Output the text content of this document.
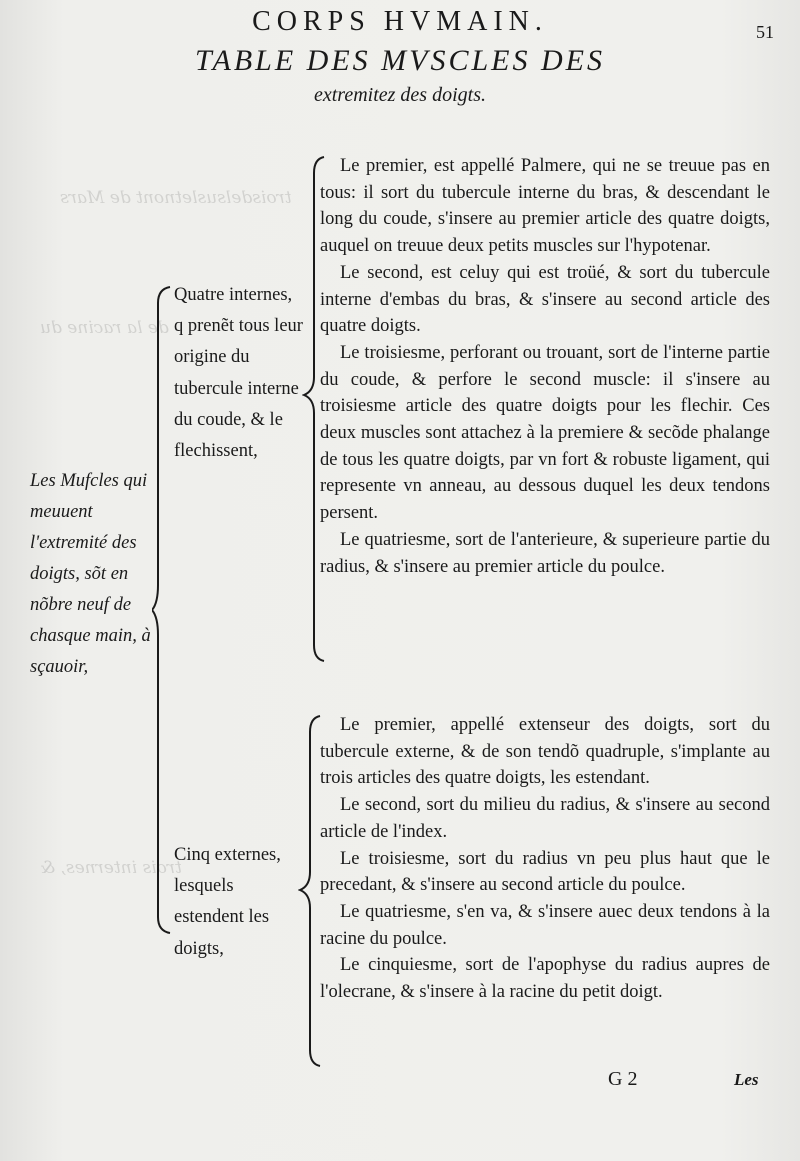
troisdelsusletnont de Mars
de la racine du
trois internes, &
CORPS HVMAIN.	51
TABLE DES MVSCLES DES
extremitez des doigts.
Les Mufcles qui meuuent l'extremité des doigts, sõt en nõbre neuf de chasque main, à sçauoir,
Quatre internes, q prenẽt tous leur origine du tubercule interne du coude, & le flechissent,
Cinq externes, lesquels estendent les doigts,

Le premier, est appellé Palmere, qui ne se treuue pas en tous: il sort du tubercule interne du bras, & descendant le long du coude, s'insere au premier article des quatre doigts, auquel on treuue deux petits muscles sur l'hypotenar.

Le second, est celuy qui est troüé, & sort du tubercule interne d'embas du bras, & s'insere au second article des quatre doigts.

Le troisiesme, perforant ou trouant, sort de l'interne partie du coude, & perfore le second muscle: il s'insere au troisiesme article des quatre doigts pour les flechir. Ces deux muscles sont attachez à la premiere & secõde phalange de tous les quatre doigts, par vn fort & robuste ligament, qui represente vn anneau, au dessous duquel les deux tendons persent.

Le quatriesme, sort de l'anterieure, & superieure partie du radius, & s'insere au premier article du poulce.

Le premier, appellé extenseur des doigts, sort du tubercule externe, & de son tendõ quadruple, s'implante au trois articles des quatre doigts, les estendant.

Le second, sort du milieu du radius, & s'insere au second article de l'index.

Le troisiesme, sort du radius vn peu plus haut que le precedant, & s'insere au second article du poulce.

Le quatriesme, s'en va, & s'insere auec deux tendons à la racine du poulce.

Le cinquiesme, sort de l'apophyse du radius aupres de l'olecrane, & s'insere à la racine du petit doigt.

G 2	Les
